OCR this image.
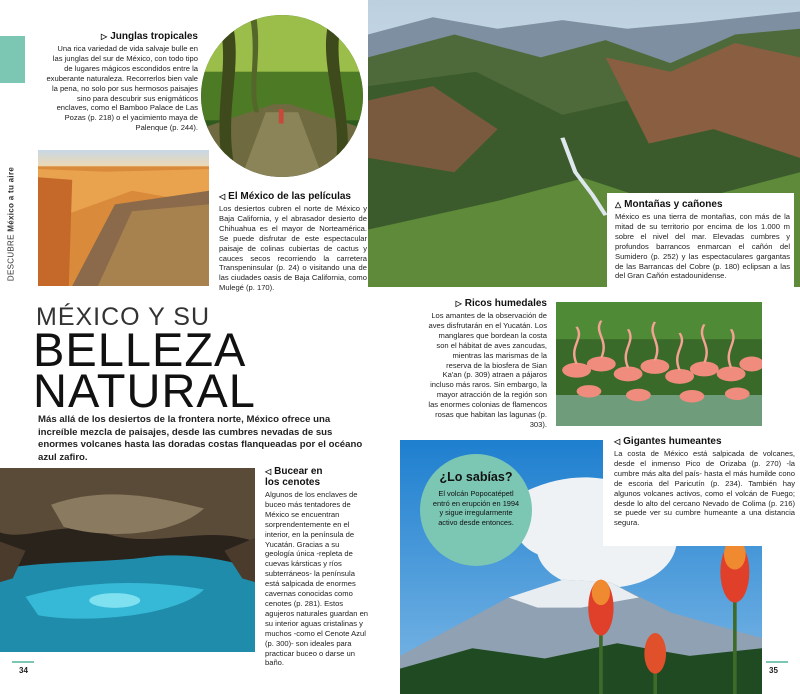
DESCUBRE México a tu aire
▷ Junglas tropicales
Una rica variedad de vida salvaje bulle en las junglas del sur de México, con todo tipo de lugares mágicos escondidos entre la exuberante naturaleza. Recorrerlos bien vale la pena, no solo por sus hermosos paisajes sino para descubrir sus enigmáticos enclaves, como el Bamboo Palace de Las Pozas (p. 218) o el yacimiento maya de Palenque (p. 244).
◁ El México de las películas
Los desiertos cubren el norte de México y Baja California, y el abrasador desierto de Chihuahua es el mayor de Norteamérica. Se puede disfrutar de este espectacular paisaje de colinas cubiertas de cactus y cauces secos recorriendo la carretera Transpeninsular (p. 24) o visitando una de las ciudades oasis de Baja California, como Mulegé (p. 170).
△ Montañas y cañones
México es una tierra de montañas, con más de la mitad de su territorio por encima de los 1.000 m sobre el nivel del mar. Elevadas cumbres y profundos barrancos enmarcan el cañón del Sumidero (p. 252) y las espectaculares gargantas de las Barrancas del Cobre (p. 180) eclipsan a las del Gran Cañón estadounidense.
MÉXICO Y SU
BELLEZA
NATURAL
Más allá de los desiertos de la frontera norte, México ofrece una increíble mezcla de paisajes, desde las cumbres nevadas de sus enormes volcanes hasta las doradas costas flanqueadas por el océano azul zafiro.
▷ Ricos humedales
Los amantes de la observación de aves disfrutarán en el Yucatán. Los manglares que bordean la costa son el hábitat de aves zancudas, mientras las marismas de la reserva de la biosfera de Sian Ka'an (p. 309) atraen a pájaros incluso más raros. Sin embargo, la mayor atracción de la región son las enormes colonias de flamencos rosas que habitan las lagunas (p. 303).
◁ Bucear en
los cenotes
Algunos de los enclaves de buceo más tentadores de México se encuentran sorprendentemente en el interior, en la península de Yucatán. Gracias a su geología única -repleta de cuevas kársticas y ríos subterráneos- la península está salpicada de enormes cavernas conocidas como cenotes (p. 281). Estos agujeros naturales guardan en su interior aguas cristalinas y muchos -como el Cenote Azul (p. 300)- son ideales para practicar buceo o darse un baño.
¿Lo sabías?
El volcán Popocatépetl entró en erupción en 1994 y sigue irregularmente activo desde entonces.
◁ Gigantes humeantes
La costa de México está salpicada de volcanes, desde el inmenso Pico de Orizaba (p. 270) -la cumbre más alta del país- hasta el más humilde cono de escoria del Paricutín (p. 234). También hay algunos volcanes activos, como el volcán de Fuego; desde lo alto del cercano Nevado de Colima (p. 216) se puede ver su cumbre humeante a una distancia segura.
34	35
